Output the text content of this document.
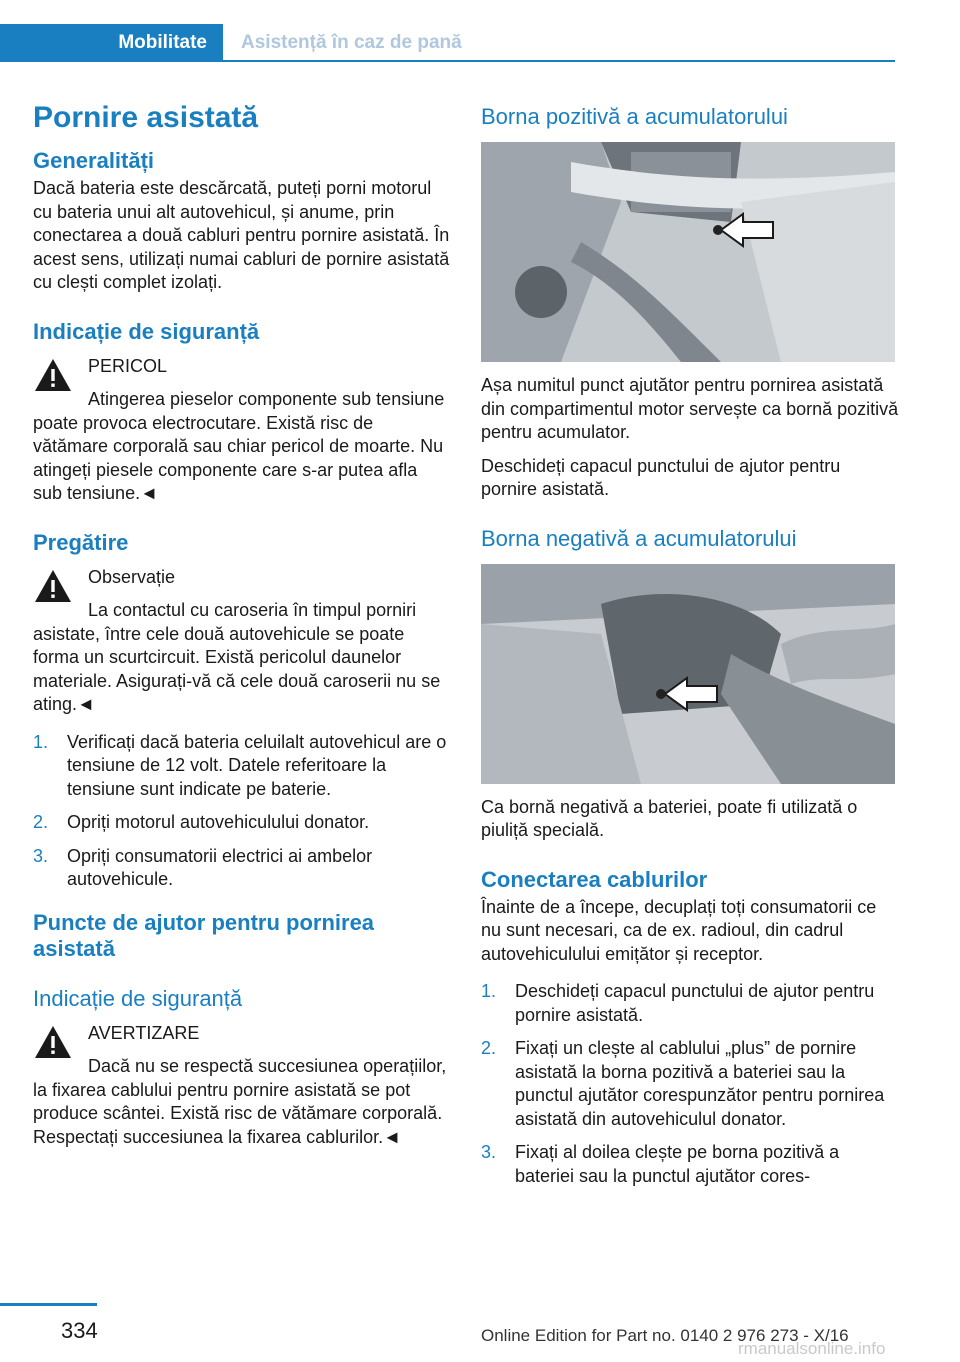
Mobilitate Asistență în caz de pană
Pornire asistată
Generalități
Dacă bateria este descărcată, puteți porni motorul cu bateria unui alt autovehicul, și anume, prin conectarea a două cabluri pentru pornire asistată. În acest sens, utilizați numai cabluri de pornire asistată cu clești complet izolați.
Indicație de siguranță
PERICOL
Atingerea pieselor componente sub tensiune poate provoca electrocutare. Există risc de vătămare corporală sau chiar pericol de moarte. Nu atingeți piesele componente care s-ar putea afla sub tensiune.◄
Pregătire
Observație
La contactul cu caroseria în timpul porniri asistate, între cele două autovehicule se poate forma un scurtcircuit. Există pericolul daunelor materiale. Asigurați-vă că cele două caroserii nu se ating.◄
1. Verificați dacă bateria celuilalt autovehicul are o tensiune de 12 volt. Datele referitoare la tensiune sunt indicate pe baterie.
2. Opriți motorul autovehiculului donator.
3. Opriți consumatorii electrici ai ambelor autovehicule.
Puncte de ajutor pentru pornirea asistată
Indicație de siguranță
AVERTIZARE
Dacă nu se respectă succesiunea operațiilor, la fixarea cablului pentru pornire asistată se pot produce scântei. Există risc de vătămare corporală. Respectați succesiunea la fixarea cablurilor.◄
Borna pozitivă a acumulatorului
Așa numitul punct ajutător pentru pornirea asistată din compartimentul motor servește ca bornă pozitivă pentru acumulator.
Deschideți capacul punctului de ajutor pentru pornire asistată.
Borna negativă a acumulatorului
Ca bornă negativă a bateriei, poate fi utilizată o piuliță specială.
Conectarea cablurilor
Înainte de a începe, decuplați toți consumatorii ce nu sunt necesari, ca de ex. radioul, din cadrul autovehiculului emițător și receptor.
1. Deschideți capacul punctului de ajutor pentru pornire asistată.
2. Fixați un clește al cablului „plus” de pornire asistată la borna pozitivă a bateriei sau la punctul ajutător corespunzător pentru pornirea asistată din autovehiculul donator.
3. Fixați al doilea clește pe borna pozitivă a bateriei sau la punctul ajutător cores-
334	Online Edition for Part no. 0140 2 976 273 - X/16
rmanualsonline.info
